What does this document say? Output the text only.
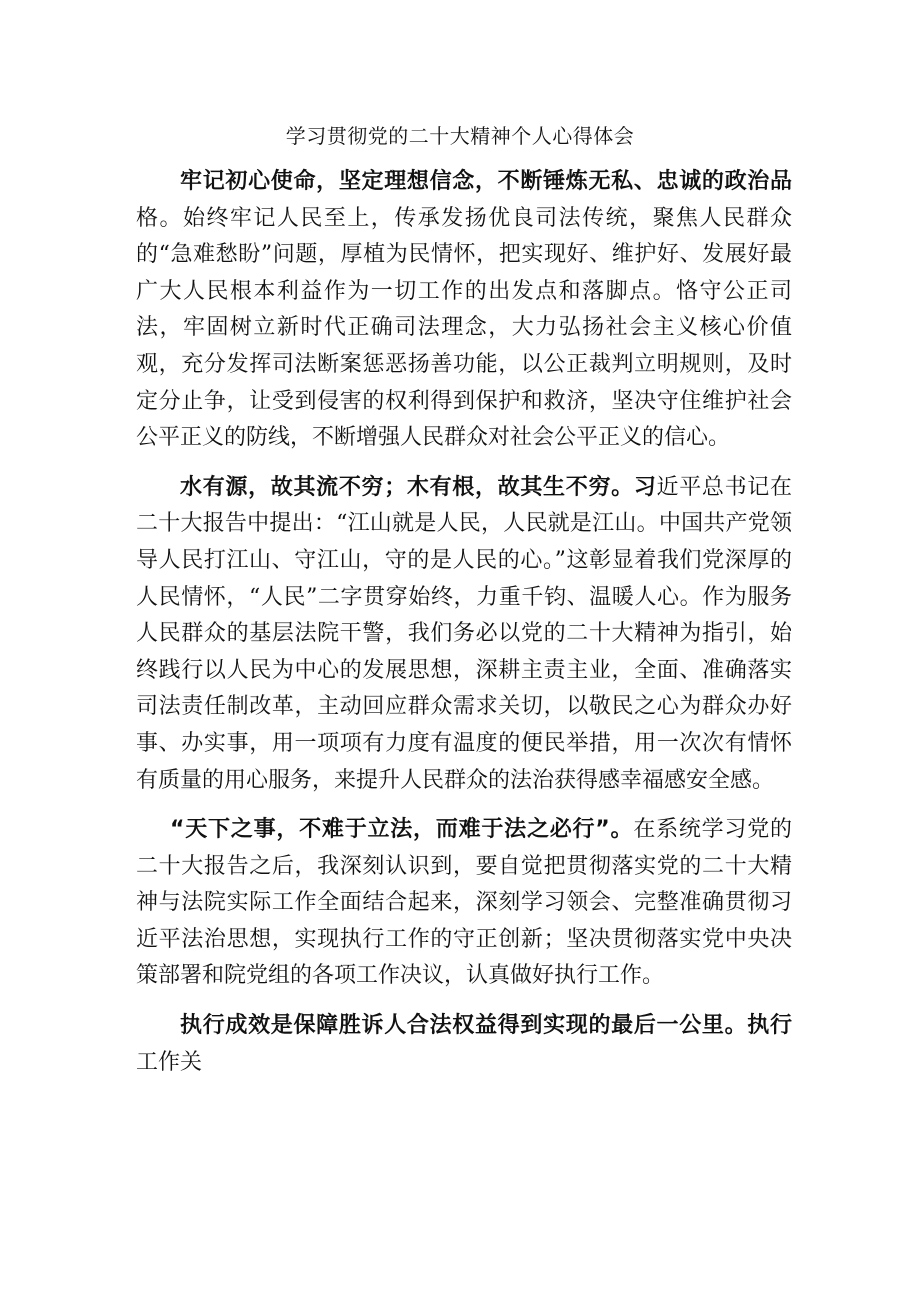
学习贯彻党的二十大精神个人心得体会

牢记初心使命，坚定理想信念，不断锤炼无私、忠诚的政治品格。始终牢记人民至上，传承发扬优良司法传统，聚焦人民群众的“急难愁盼”问题，厚植为民情怀，把实现好、维护好、发展好最广大人民根本利益作为一切工作的出发点和落脚点。恪守公正司法，牢固树立新时代正确司法理念，大力弘扬社会主义核心价值观，充分发挥司法断案惩恶扬善功能，以公正裁判立明规则，及时定分止争，让受到侵害的权利得到保护和救济，坚决守住维护社会公平正义的防线，不断增强人民群众对社会公平正义的信心。

水有源，故其流不穷；木有根，故其生不穷。习近平总书记在二十大报告中提出：“江山就是人民，人民就是江山。中国共产党领导人民打江山、守江山，守的是人民的心。”这彰显着我们党深厚的人民情怀，“人民”二字贯穿始终，力重千钧、温暖人心。作为服务人民群众的基层法院干警，我们务必以党的二十大精神为指引，始终践行以人民为中心的发展思想，深耕主责主业，全面、准确落实司法责任制改革，主动回应群众需求关切，以敬民之心为群众办好事、办实事，用一项项有力度有温度的便民举措，用一次次有情怀有质量的用心服务，来提升人民群众的法治获得感幸福感安全感。

“天下之事，不难于立法，而难于法之必行”。在系统学习党的二十大报告之后，我深刻认识到，要自觉把贯彻落实党的二十大精神与法院实际工作全面结合起来，深刻学习领会、完整准确贯彻习近平法治思想，实现执行工作的守正创新；坚决贯彻落实党中央决策部署和院党组的各项工作决议，认真做好执行工作。

执行成效是保障胜诉人合法权益得到实现的最后一公里。执行工作关
